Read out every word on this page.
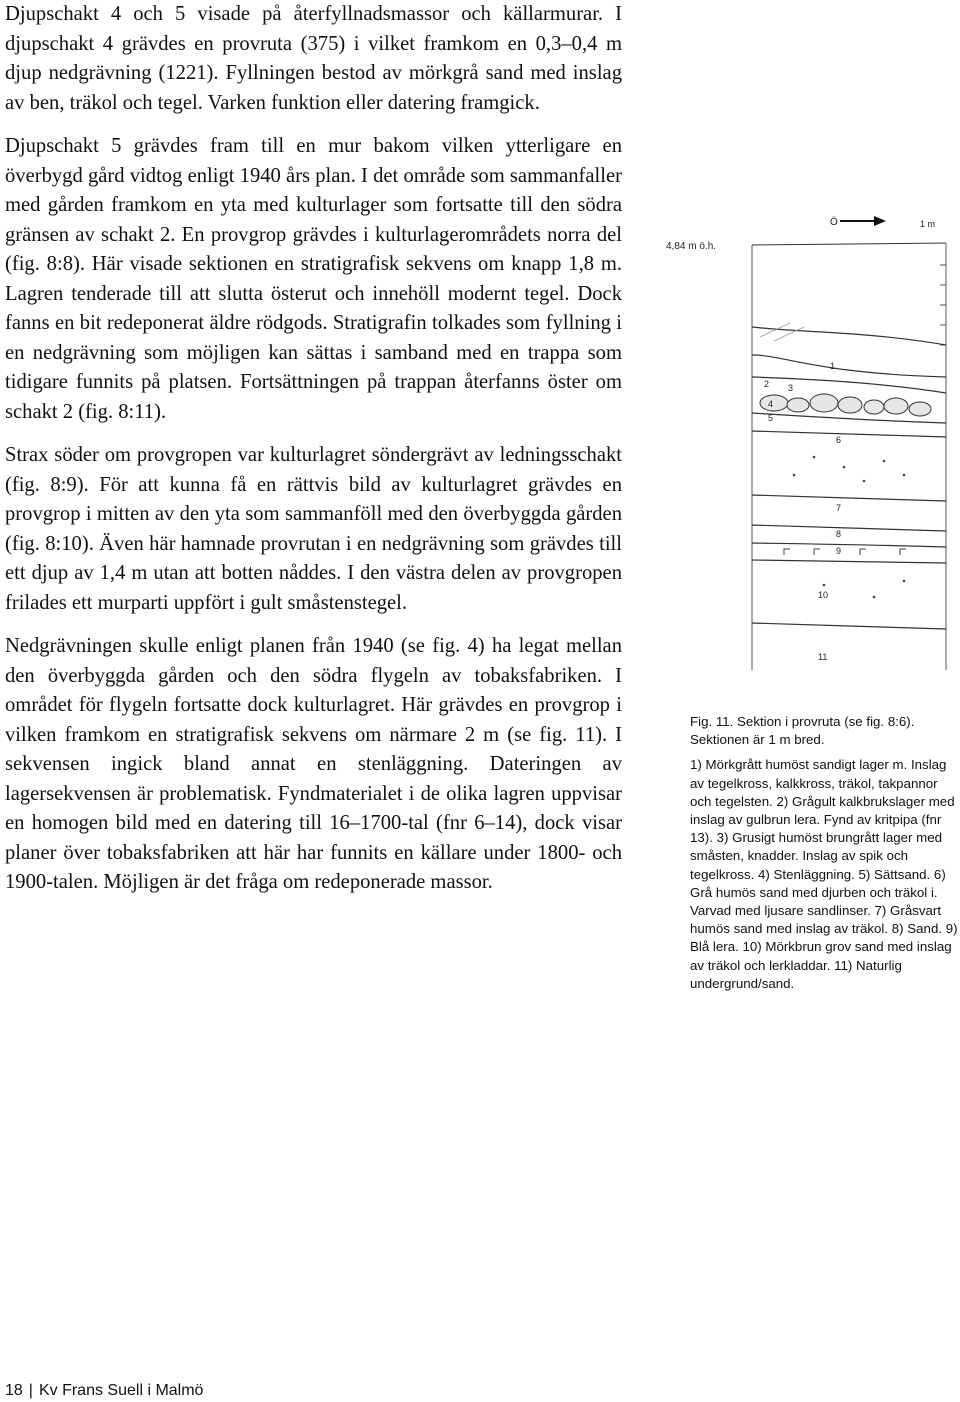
Djupschakt 4 och 5 visade på återfyllnadsmassor och källarmurar. I djupschakt 4 grävdes en provruta (375) i vilket framkom en 0,3–0,4 m djup nedgrävning (1221). Fyllningen bestod av mörkgrå sand med inslag av ben, träkol och tegel. Varken funktion eller datering framgick.

Djupschakt 5 grävdes fram till en mur bakom vilken ytterligare en överbygd gård vidtog enligt 1940 års plan. I det område som sammanfaller med gården framkom en yta med kulturlager som fortsatte till den södra gränsen av schakt 2. En provgrop grävdes i kulturlagerområdets norra del (fig. 8:8). Här visade sektionen en stratigrafisk sekvens om knapp 1,8 m. Lagren tenderade till att slutta österut och innehöll modernt tegel. Dock fanns en bit redeponerat äldre rödgods. Stratigrafin tolkades som fyllning i en nedgrävning som möjligen kan sättas i samband med en trappa som tidigare funnits på platsen. Fortsättningen på trappan återfanns öster om schakt 2 (fig. 8:11).

Strax söder om provgropen var kulturlagret söndergrävt av ledningsschakt (fig. 8:9). För att kunna få en rättvis bild av kulturlagret grävdes en provgrop i mitten av den yta som sammanföll med den överbyggda gården (fig. 8:10). Även här hamnade provrutan i en nedgrävning som grävdes till ett djup av 1,4 m utan att botten nåddes. I den västra delen av provgropen frilades ett murparti uppfört i gult småstenstegel.

Nedgrävningen skulle enligt planen från 1940 (se fig. 4) ha legat mellan den överbyggda gården och den södra flygeln av tobaksfabriken. I området för flygeln fortsatte dock kulturlagret. Här grävdes en provgrop i vilken framkom en stratigrafisk sekvens om närmare 2 m (se fig. 11). I sekvensen ingick bland annat en stenläggning. Dateringen av lagersekvensen är problematisk. Fyndmaterialet i de olika lagren uppvisar en homogen bild med en datering till 16–1700-tal (fnr 6–14), dock visar planer över tobaksfabriken att här har funnits en källare under 1800- och 1900-talen. Möjligen är det fråga om redeponerade massor.

4,84 m ö.h.
Ö	1 m
1
2 3
4
5
6
7
8
9
10
11

Fig. 11. Sektion i provruta (se fig. 8:6). Sektionen är 1 m bred.

1) Mörkgrått humöst sandigt lager m. Inslag av tegelkross, kalkkross, träkol, takpannor och tegelsten. 2) Grågult kalkbrukslager med inslag av gulbrun lera. Fynd av kritpipa (fnr 13). 3) Grusigt humöst brungrått lager med småsten, knadder. Inslag av spik och tegelkross. 4) Stenläggning. 5) Sättsand. 6) Grå humös sand med djurben och träkol i. Varvad med ljusare sandlinser. 7) Gråsvart humös sand med inslag av träkol. 8) Sand. 9) Blå lera. 10) Mörkbrun grov sand med inslag av träkol och lerkladdar. 11) Naturlig undergrund/sand.

18 | Kv Frans Suell i Malmö
